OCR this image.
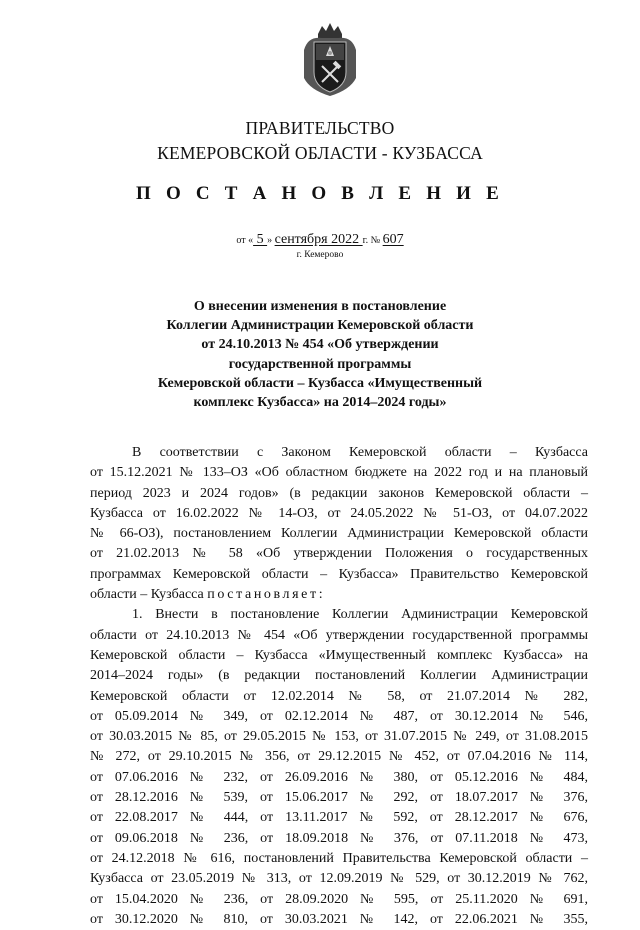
ПРАВИТЕЛЬСТВО
КЕМЕРОВСКОЙ ОБЛАСТИ - КУЗБАССА
П О С Т А Н О В Л Е Н И Е
от « 5 » сентября 2022 г. № 607
г. Кемерово
О внесении изменения в постановление
Коллегии Администрации Кемеровской области
от 24.10.2013 № 454 «Об утверждении
государственной программы
Кемеровской области – Кузбасса «Имущественный
комплекс Кузбасса» на 2014–2024 годы»
В соответствии с Законом Кемеровской области – Кузбасса
от 15.12.2021 № 133–ОЗ «Об областном бюджете на 2022 год и на плановый
период 2023 и 2024 годов» (в редакции законов Кемеровской области –
Кузбасса от 16.02.2022 № 14-ОЗ, от 24.05.2022 № 51-ОЗ, от 04.07.2022
№ 66-ОЗ), постановлением Коллегии Администрации Кемеровской области
от 21.02.2013 № 58 «Об утверждении Положения о государственных
программах Кемеровской области – Кузбасса» Правительство Кемеровской
области – Кузбасса постановляет:
1. Внести в постановление Коллегии Администрации Кемеровской
области от 24.10.2013 № 454 «Об утверждении государственной программы
Кемеровской области – Кузбасса «Имущественный комплекс Кузбасса» на
2014–2024 годы» (в редакции постановлений Коллегии Администрации
Кемеровской области от 12.02.2014 № 58, от 21.07.2014 № 282,
от 05.09.2014 № 349, от 02.12.2014 № 487, от 30.12.2014 № 546,
от 30.03.2015 № 85, от 29.05.2015 № 153, от 31.07.2015 № 249, от 31.08.2015
№ 272, от 29.10.2015 № 356, от 29.12.2015 № 452, от 07.04.2016 № 114,
от 07.06.2016 № 232, от 26.09.2016 № 380, от 05.12.2016 № 484,
от 28.12.2016 № 539, от 15.06.2017 № 292, от 18.07.2017 № 376,
от 22.08.2017 № 444, от 13.11.2017 № 592, от 28.12.2017 № 676,
от 09.06.2018 № 236, от 18.09.2018 № 376, от 07.11.2018 № 473,
от 24.12.2018 № 616, постановлений Правительства Кемеровской области –
Кузбасса от 23.05.2019 № 313, от 12.09.2019 № 529, от 30.12.2019 № 762,
от 15.04.2020 № 236, от 28.09.2020 № 595, от 25.11.2020 № 691,
от 30.12.2020 № 810, от 30.03.2021 № 142, от 22.06.2021 № 355,
